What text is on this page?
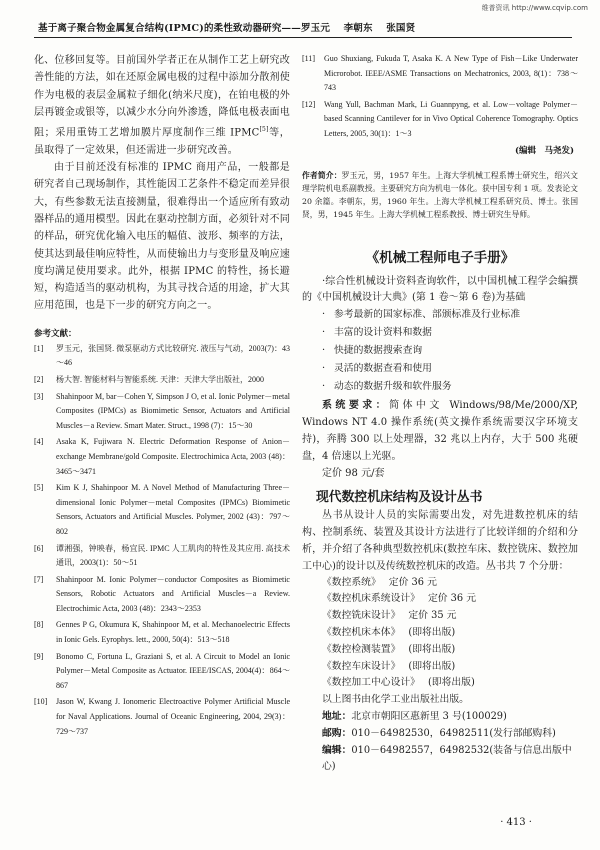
维普资讯 http://www.cqvip.com
基于离子聚合物金属复合结构(IPMC)的柔性致动器研究——罗玉元 李朝东 张国贤

化、位移回复等。目前国外学者正在从制作工艺上研究改善性能的方法，如在还原金属电极的过程中添加分散剂使作为电极的表层金属粒子细化(纳米尺度)，在铂电极的外层再镀金或银等，以减少水分向外渗透，降低电极表面电阻；采用重铸工艺增加膜片厚度制作三维 IPMC[5]等，虽取得了一定效果，但还需进一步研究改善。

由于目前还没有标准的 IPMC 商用产品，一般都是研究者自己现场制作，其性能因工艺条件不稳定而差异很大，有些参数无法直接测量，很难得出一个适应所有致动器样品的通用模型。因此在驱动控制方面，必须针对不同的样品，研究优化输入电压的幅值、波形、频率的方法，使其达到最佳响应特性，从而使输出力与变形量及响应速度均满足使用要求。此外，根据 IPMC 的特性，扬长避短，构造适当的驱动机构，为其寻找合适的用途，扩大其应用范围，也是下一步的研究方向之一。

参考文献：
[1]	罗玉元，张国贤. 微泵驱动方式比较研究. 液压与气动，2003(7)：43～46
[2]	杨大智. 智能材料与智能系统. 天津：天津大学出版社，2000
[3]	Shahinpoor M, bar－Cohen Y, Simpson J O, et al. Ionic Polymer－metal Composites (IPMCs) as Biomimetic Sensor, Actuators and Artificial Muscles－a Review. Smart Mater. Struct., 1998 (7)：15～30
[4]	Asaka K, Fujiwara N. Electric Deformation Response of Anion－exchange Membrane/gold Composite. Electrochimica Acta, 2003 (48)：3465～3471
[5]	Kim K J, Shahinpoor M. A Novel Method of Manufacturing Three－dimensional Ionic Polymer－metal Composites (IPMCs) Biomimetic Sensors, Actuators and Artificial Muscles. Polymer, 2002 (43)：797～802
[6]	谭湘强，钟映春，杨宜民. IPMC 人工肌肉的特性及其应用. 高技术通讯，2003(1)：50～51
[7]	Shahinpoor M. Ionic Polymer－conductor Composites as Biomimetic Sensors, Robotic Actuators and Artificial Muscles－a Review. Electrochimic Acta, 2003 (48)：2343～2353
[8]	Gennes P G, Okumura K, Shahinpoor M, et al. Mechanoelectric Effects in Ionic Gels. Eyrophys. lett., 2000, 50(4)：513～518
[9]	Bonomo C, Fortuna L, Graziani S, et al. A Circuit to Model an Ionic Polymer－Metal Composite as Actuator. IEEE/ISCAS, 2004(4)：864～867
[10]	Jason W, Kwang J. Ionomeric Electroactive Polymer Artificial Muscle for Naval Applications. Journal of Oceanic Engineering, 2004, 29(3)：729～737
[11]	Guo Shuxiang, Fukuda T, Asaka K. A New Type of Fish－Like Underwater Microrobot. IEEE/ASME Transactions on Mechatronics, 2003, 8(1)：738～743
[12]	Wang Yull, Bachman Mark, Li Guannpyng, et al. Low－voltage Polymer－based Scanning Cantilever for in Vivo Optical Coherence Tomography. Optics Letters, 2005, 30(1)：1～3
(编辑　马尧发)

作者简介：罗玉元，男，1957 年生。上海大学机械工程系博士研究生，绍兴文理学院机电系副教授。主要研究方向为机电一体化。获中国专利 1 项。发表论文 20 余篇。李朝东，男，1960 年生。上海大学机械工程系研究员、博士。张国贤，男，1945 年生。上海大学机械工程系教授、博士研究生导师。

《机械工程师电子手册》

·综合性机械设计资料查询软件，以中国机械工程学会编撰的《中国机械设计大典》(第 1 卷～第 6 卷)为基础

· 参考最新的国家标准、部颁标准及行业标准
· 丰富的设计资料和数据
· 快捷的数据搜索查询
· 灵活的数据查看和使用
· 动态的数据升级和软件服务

系统要求：简体中文 Windows/98/Me/2000/XP, Windows NT 4.0 操作系统(英文操作系统需要汉字环境支持)，奔腾 300 以上处理器，32 兆以上内存，大于 500 兆硬盘，4 倍速以上光驱。

定价 98 元/套
现代数控机床结构及设计丛书

丛书从设计人员的实际需要出发，对先进数控机床的结构、控制系统、装置及其设计方法进行了比较详细的介绍和分析，并介绍了各种典型数控机床(数控车床、数控铣床、数控加工中心)的设计以及传统数控机床的改造。丛书共 7 个分册：

《数控系统》 定价 36 元
《数控机床系统设计》 定价 36 元
《数控铣床设计》 定价 35 元
《数控机床本体》 (即将出版)
《数控检测装置》 (即将出版)
《数控车床设计》 (即将出版)
《数控加工中心设计》 (即将出版)
以上图书由化学工业出版社出版。

地址：北京市朝阳区惠新里 3 号(100029)

邮购：010－64982530，64982511(发行部邮购科)

编辑：010－64982557，64982532(装备与信息出版中心)

· 413 ·
